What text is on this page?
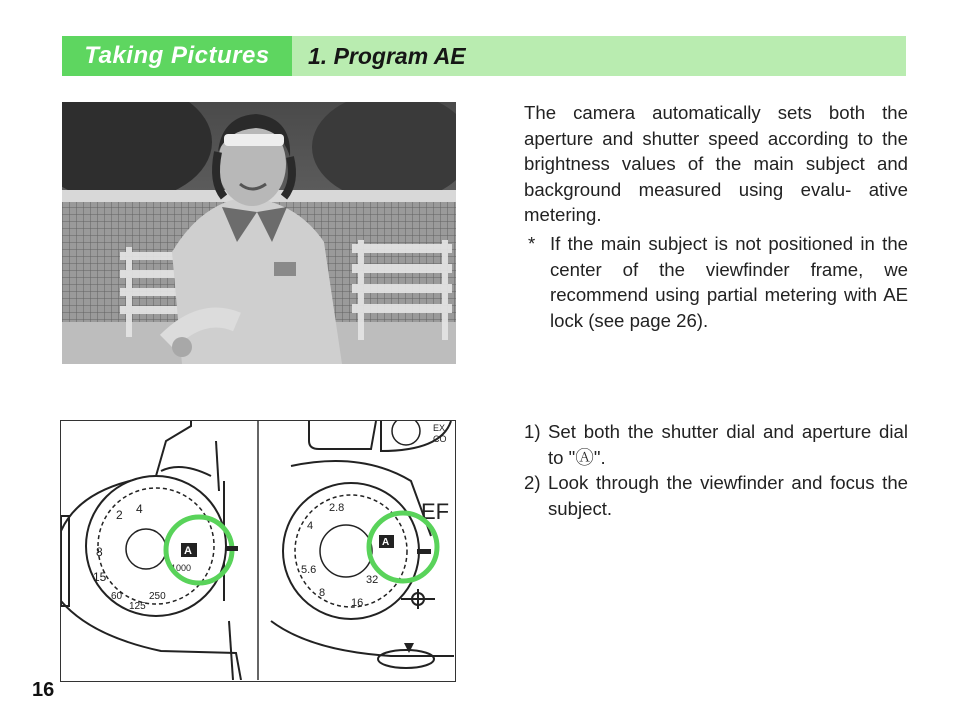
Taking Pictures	1. Program AE
The camera automatically sets both the aperture and shutter speed according to the brightness values of the main subject and background measured using evalu- ative metering.
* If the main subject is not positioned in the center of the viewfinder frame, we recommend using partial metering with AE lock (see page 26).
8
15
1000
250
125
60
2 4
A
EX
CO
EF
32
16
8
5.6
4
2.8
A
1) Set both the shutter dial and aperture dial to "Ⓐ".
2) Look through the viewfinder and focus the subject.
16
